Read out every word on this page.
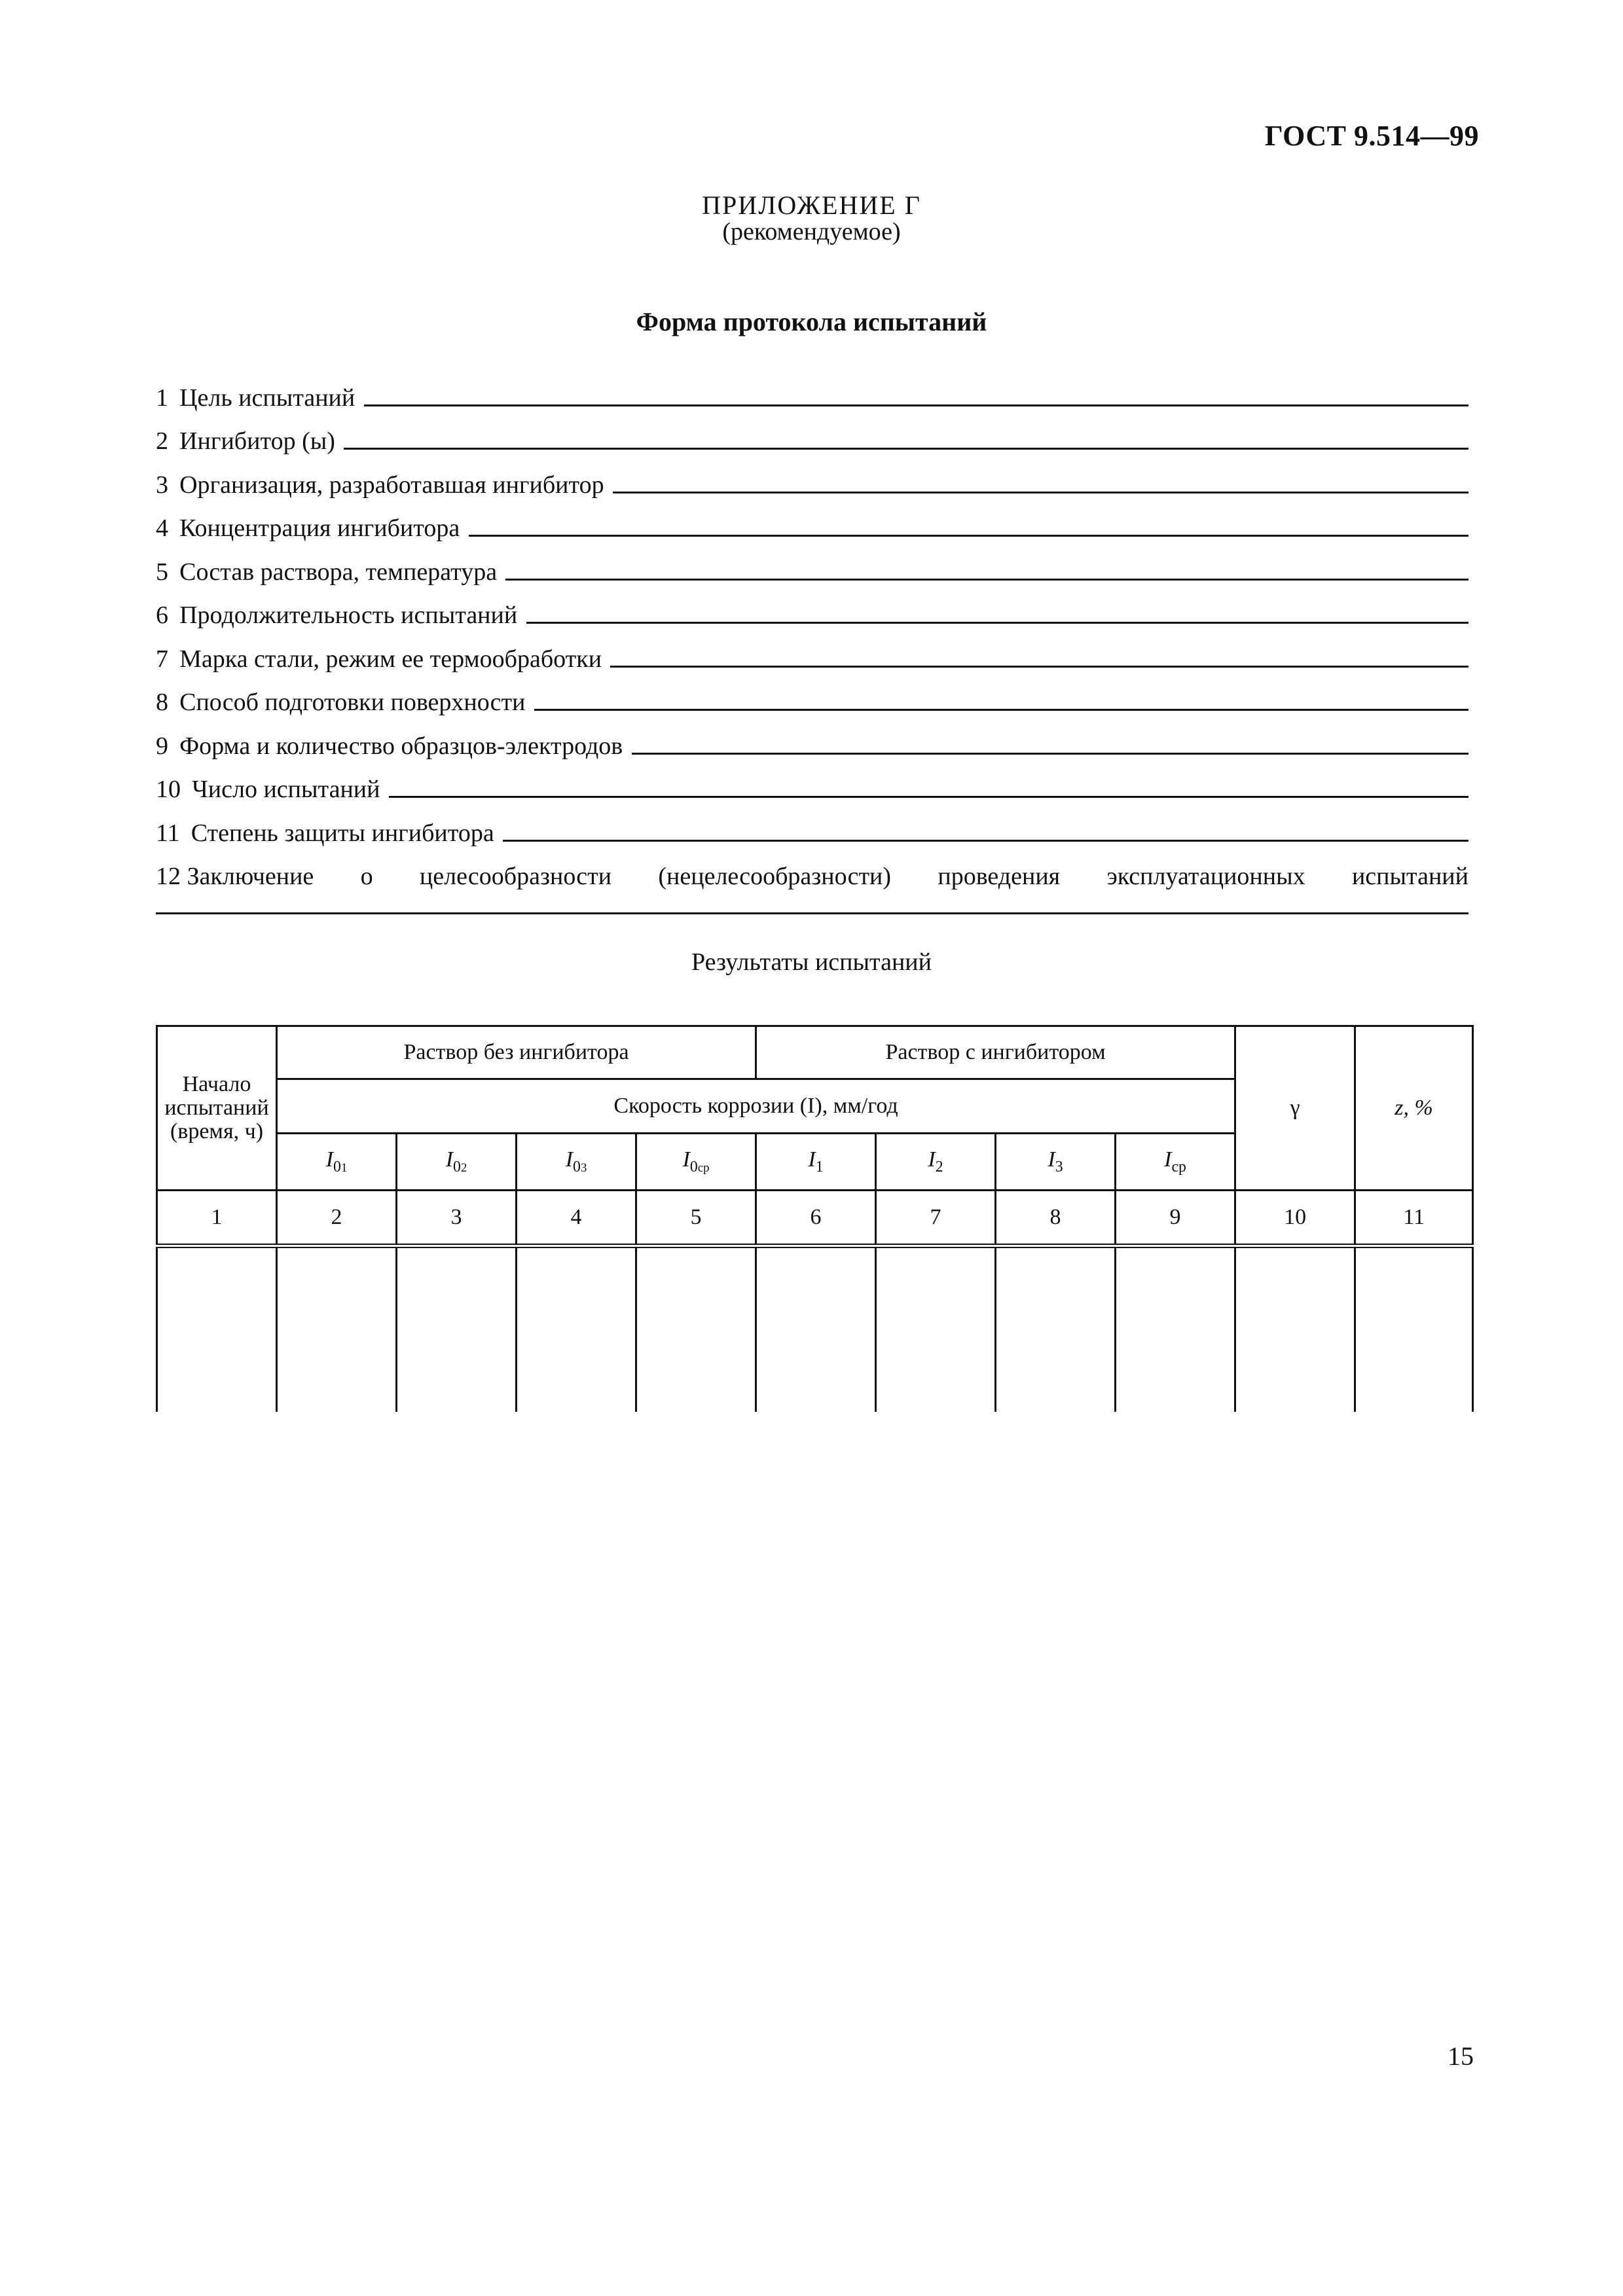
ГОСТ 9.514—99
ПРИЛОЖЕНИЕ Г
(рекомендуемое)
Форма протокола испытаний
1 Цель испытаний
2 Ингибитор (ы)
3 Организация, разработавшая ингибитор
4 Концентрация ингибитора
5 Состав раствора, температура
6 Продолжительность испытаний
7 Марка стали, режим ее термообработки
8 Способ подготовки поверхности
9 Форма и количество образцов-электродов
10 Число испытаний
11 Степень защиты ингибитора
12 Заключение о целесообразности (нецелесообразности) проведения эксплуатационных испытаний
Результаты испытаний
Начало
испытаний
(время, ч)	Раствор без ингибитора				Раствор с ингибитором				γ	z, %
	Скорость коррозии (I), мм/год									
	$I_{01}$	$I_{02}$	$I_{03}$	$I_{0ср}$	$I_1$	$I_2$	$I_3$	$I_{ср}$
1	2	3	4	5	6	7	8	9	10	11

15
